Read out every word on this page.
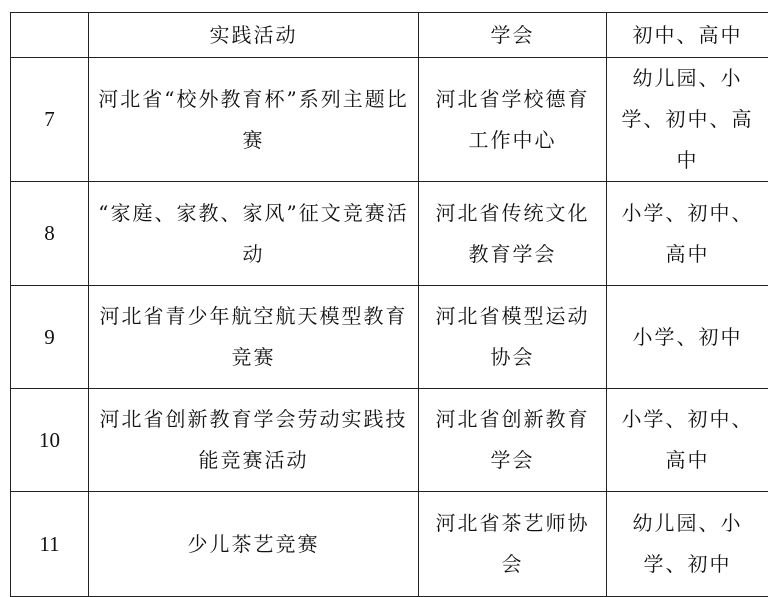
	实践活动	学会	初中、高中
7	河北省“校外教育杯”系列主题比赛	河北省学校德育工作中心	幼儿园、小学、初中、高中
8	“家庭、家教、家风”征文竞赛活动	河北省传统文化教育学会	小学、初中、高中
9	河北省青少年航空航天模型教育竞赛	河北省模型运动协会	小学、初中
10	河北省创新教育学会劳动实践技能竞赛活动	河北省创新教育学会	小学、初中、高中
11	少儿茶艺竞赛	河北省茶艺师协会	幼儿园、小学、初中
